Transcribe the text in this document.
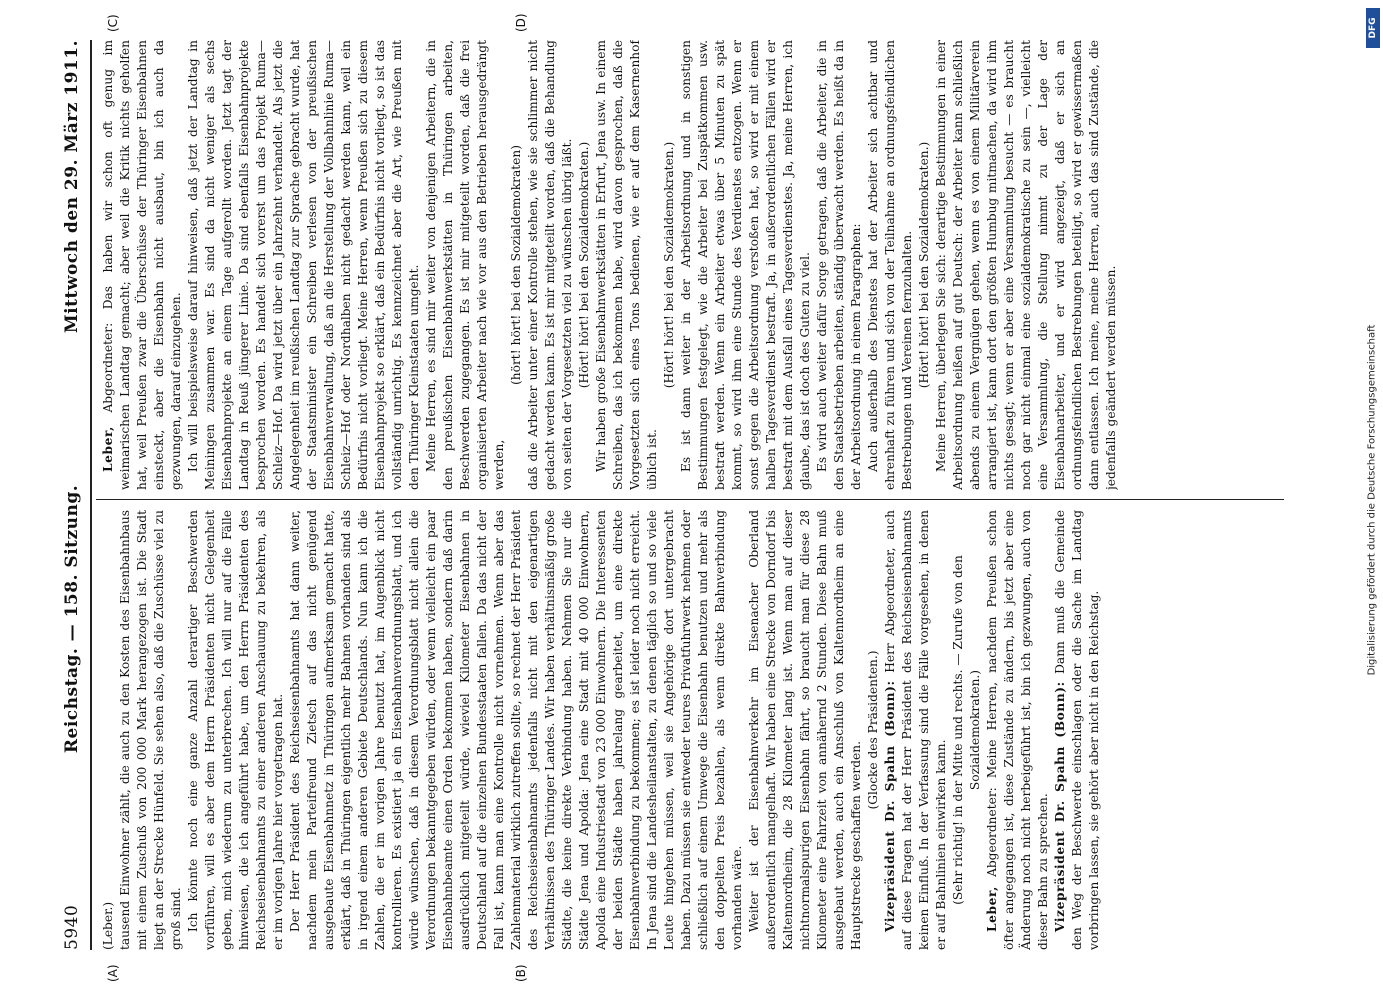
5940
Reichstag. — 158. Sitzung.
Mittwoch den 29. März 1911.
(A)	(B)
(C)	(D)

(Leber.) tausend Einwohner zählt, die auch zu den Kosten des Eisenbahnbaus mit einem Zuschuß von 200 000 Mark herangezogen ist. Die Stadt liegt an der Strecke Hünfeld. Sie sehen also, daß die Zuschüsse viel zu groß sind. Ich könnte noch eine ganze Anzahl derartiger Beschwerden vorführen, will es aber dem Herrn Präsidenten nicht Gelegenheit geben, mich wiederum zu unterbrechen. Ich will nur auf die Fälle hinweisen, die ich angeführt habe, um den Herrn Präsidenten des Reichseisenbahnamts zu einer anderen Anschauung zu bekehren, als er im vorigen Jahre hier vorgetragen hat. Der Herr Präsident des Reichseisenbahnamts hat dann weiter, nachdem mein Parteifreund Zietsch auf das nicht genügend ausgebaute Eisenbahnnetz in Thüringen aufmerksam gemacht hatte, erklärt, daß in Thüringen eigentlich mehr Bahnen vorhanden sind als in irgend einem anderen Gebiete Deutschlands. Nun kann ich die Zahlen, die er im vorigen Jahre benutzt hat, im Augenblick nicht kontrollieren. Es existiert ja ein Eisenbahnverordnungsblatt, und ich würde wünschen, daß in diesem Verordnungsblatt nicht allein die Verordnungen bekanntgegeben würden, oder wenn vielleicht ein paar Eisenbahnbeamte einen Orden bekommen haben, sondern daß darin ausdrücklich mitgeteilt würde, wieviel Kilometer Eisenbahnen in Deutschland auf die einzelnen Bundesstaaten fallen. Da das nicht der Fall ist, kann man eine Kontrolle nicht vornehmen. Wenn aber das Zahlenmaterial wirklich zutreffen sollte, so rechnet der Herr Präsident des Reichseisenbahnamts jedenfalls nicht mit den eigenartigen Verhältnissen des Thüringer Landes. Wir haben verhältnismäßig große Städte, die keine direkte Verbindung haben. Nehmen Sie nur die Städte Jena und Apolda: Jena eine Stadt mit 40 000 Einwohnern, Apolda eine Industriestadt von 23 000 Einwohnern. Die Interessenten der beiden Städte haben jahrelang gearbeitet, um eine direkte Eisenbahnverbindung zu bekommen; es ist leider noch nicht erreicht. In Jena sind die Landesheilanstalten, zu denen täglich so und so viele Leute hingehen müssen, weil sie Angehörige dort untergebracht haben. Dazu müssen sie entweder teures Privatfuhrwerk nehmen oder schließlich auf einem Umwege die Eisenbahn benutzen und mehr als den doppelten Preis bezahlen, als wenn direkte Bahnverbindung vorhanden wäre. Weiter ist der Eisenbahnverkehr im Eisenacher Oberland außerordentlich mangelhaft. Wir haben eine Strecke von Dorndorf bis Kaltennordheim, die 28 Kilometer lang ist. Wenn man auf dieser nichtnormalspurigen Eisenbahn fährt, so braucht man für diese 28 Kilometer eine Fahrzeit von annähernd 2 Stunden. Diese Bahn muß ausgebaut werden, auch ein Anschluß von Kaltennordheim an eine Hauptstrecke geschaffen werden.

(Glocke des Präsidenten.) Vizepräsident Dr. Spahn (Bonn): Herr Abgeordneter, auch auf diese Fragen hat der Herr Präsident des Reichseisenbahnamts keinen Einfluß. In der Verfassung sind die Fälle vorgesehen, in denen er auf Bahnlinien einwirken kann. (Sehr richtig! in der Mitte und rechts. — Zurufe von den Sozialdemokraten.)

Leber, Abgeordneter: Meine Herren, nachdem Preußen schon öfter angegangen ist, diese Zustände zu ändern, bis jetzt aber eine Änderung noch nicht herbeigeführt ist, bin ich gezwungen, auch von dieser Bahn zu sprechen. Vizepräsident Dr. Spahn (Bonn): Dann muß die Gemeinde den Weg der Beschwerde einschlagen oder die Sache im Landtag vorbringen lassen, sie gehört aber nicht in den Reichstag.

Leber, Abgeordneter: Das haben wir schon oft genug im weimarischen Landtag gemacht; aber weil die Kritik nichts geholfen hat, weil Preußen zwar die Überschüsse der Thüringer Eisenbahnen einsteckt, aber die Eisenbahn nicht ausbaut, bin ich auch da gezwungen, darauf einzugehen. Ich will beispielsweise darauf hinweisen, daß jetzt der Landtag in Meiningen zusammen war. Es sind da nicht weniger als sechs Eisenbahnprojekte an einem Tage aufgerollt worden. Jetzt tagt der Landtag in Reuß jüngerer Linie. Da sind ebenfalls Eisenbahnprojekte besprochen worden. Es handelt sich vorerst um das Projekt Ruma—Schleiz—Hof. Da wird jetzt über ein Jahrzehnt verhandelt. Als jetzt die Angelegenheit im reußischen Landtag zur Sprache gebracht wurde, hat der Staatsminister ein Schreiben verlesen von der preußischen Eisenbahnverwaltung, daß an die Herstellung der Vollbahnlinie Ruma—Schleiz—Hof oder Nordhalben nicht gedacht werden kann, weil ein Bedürfnis nicht vorliegt. Meine Herren, wenn Preußen sich zu diesem Eisenbahnprojekt so erklärt, daß ein Bedürfnis nicht vorliegt, so ist das vollständig unrichtig. Es kennzeichnet aber die Art, wie Preußen mit den Thüringer Kleinstaaten umgeht. Meine Herren, es sind mir weiter von denjenigen Arbeitern, die in den preußischen Eisenbahnwerkstätten in Thüringen arbeiten, Beschwerden zugegangen. Es ist mir mitgeteilt worden, daß die frei organisierten Arbeiter nach wie vor aus den Betrieben herausgedrängt werden,

(hört! hört! bei den Sozialdemokraten) daß die Arbeiter unter einer Kontrolle stehen, wie sie schlimmer nicht gedacht werden kann. Es ist mir mitgeteilt worden, daß die Behandlung von seiten der Vorgesetzten viel zu wünschen übrig läßt. (Hört! hört! bei den Sozialdemokraten.) Wir haben große Eisenbahnwerkstätten in Erfurt, Jena usw. In einem Schreiben, das ich bekommen habe, wird davon gesprochen, daß die Vorgesetzten sich eines Tons bedienen, wie er auf dem Kasernenhof üblich ist.

(Hört! hört! bei den Sozialdemokraten.) Es ist dann weiter in der Arbeitsordnung und in sonstigen Bestimmungen festgelegt, wie die Arbeiter bei Zuspätkommen usw. bestraft werden. Wenn ein Arbeiter etwas über 5 Minuten zu spät kommt, so wird ihm eine Stunde des Verdienstes entzogen. Wenn er sonst gegen die Arbeitsordnung verstoßen hat, so wird er mit einem halben Tagesverdienst bestraft. Ja, in außerordentlichen Fällen wird er bestraft mit dem Ausfall eines Tagesverdienstes. Ja, meine Herren, ich glaube, das ist doch des Guten zu viel. Es wird auch weiter dafür Sorge getragen, daß die Arbeiter, die in den Staatsbetrieben arbeiten, ständig überwacht werden. Es heißt da in der Arbeitsordnung in einem Paragraphen: Auch außerhalb des Dienstes hat der Arbeiter sich achtbar und ehrenhaft zu führen und sich von der Teilnahme an ordnungsfeindlichen Bestrebungen und Vereinen fernzuhalten. (Hört! hört! bei den Sozialdemokraten.) Meine Herren, überlegen Sie sich: derartige Bestimmungen in einer Arbeitsordnung heißen auf gut Deutsch: der Arbeiter kann schließlich abends zu einem Vergnügen gehen, wenn es von einem Militärverein arrangiert ist, kann dort den größten Humbug mitmachen, da wird ihm nichts gesagt; wenn er aber eine Versammlung besucht — es braucht noch gar nicht einmal eine sozialdemokratische zu sein —, vielleicht eine Versammlung, die Stellung nimmt zu der Lage der Eisenbahnarbeiter, und er wird angezeigt, daß er sich an ordnungsfeindlichen Bestrebungen beteiligt, so wird er gewissermaßen dann entlassen. Ich meine, meine Herren, auch das sind Zustände, die jedenfalls geändert werden müssen.

DFG
Digitalisierung gefördert durch die Deutsche Forschungsgemeinschaft
